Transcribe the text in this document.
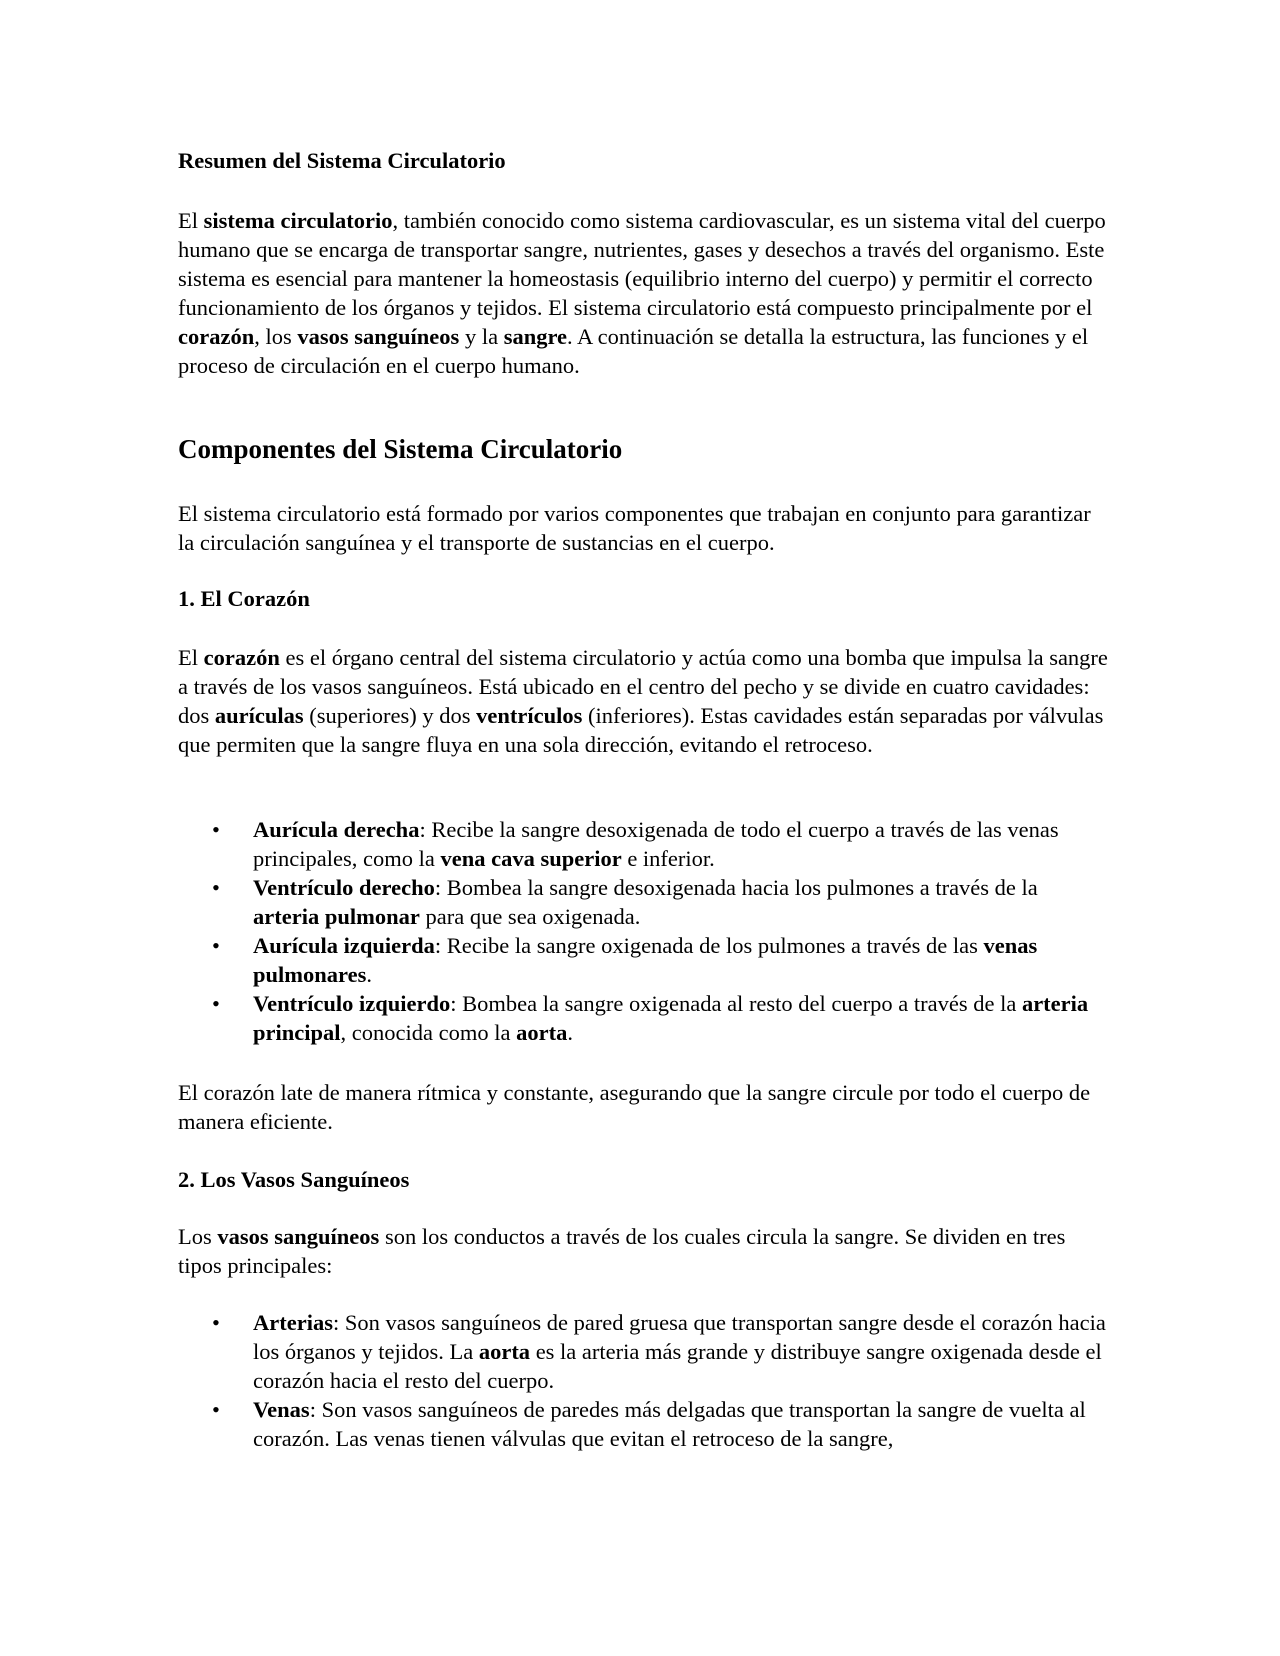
Resumen del Sistema Circulatorio

El sistema circulatorio, también conocido como sistema cardiovascular, es un sistema vital del cuerpo humano que se encarga de transportar sangre, nutrientes, gases y desechos a través del organismo. Este sistema es esencial para mantener la homeostasis (equilibrio interno del cuerpo) y permitir el correcto funcionamiento de los órganos y tejidos. El sistema circulatorio está compuesto principalmente por el corazón, los vasos sanguíneos y la sangre. A continuación se detalla la estructura, las funciones y el proceso de circulación en el cuerpo humano.

Componentes del Sistema Circulatorio

El sistema circulatorio está formado por varios componentes que trabajan en conjunto para garantizar la circulación sanguínea y el transporte de sustancias en el cuerpo.

1. El Corazón

El corazón es el órgano central del sistema circulatorio y actúa como una bomba que impulsa la sangre a través de los vasos sanguíneos. Está ubicado en el centro del pecho y se divide en cuatro cavidades: dos aurículas (superiores) y dos ventrículos (inferiores). Estas cavidades están separadas por válvulas que permiten que la sangre fluya en una sola dirección, evitando el retroceso.

• Aurícula derecha: Recibe la sangre desoxigenada de todo el cuerpo a través de las venas principales, como la vena cava superior e inferior.
• Ventrículo derecho: Bombea la sangre desoxigenada hacia los pulmones a través de la arteria pulmonar para que sea oxigenada.
• Aurícula izquierda: Recibe la sangre oxigenada de los pulmones a través de las venas pulmonares.
• Ventrículo izquierdo: Bombea la sangre oxigenada al resto del cuerpo a través de la arteria principal, conocida como la aorta.

El corazón late de manera rítmica y constante, asegurando que la sangre circule por todo el cuerpo de manera eficiente.

2. Los Vasos Sanguíneos

Los vasos sanguíneos son los conductos a través de los cuales circula la sangre. Se dividen en tres tipos principales:

• Arterias: Son vasos sanguíneos de pared gruesa que transportan sangre desde el corazón hacia los órganos y tejidos. La aorta es la arteria más grande y distribuye sangre oxigenada desde el corazón hacia el resto del cuerpo.
• Venas: Son vasos sanguíneos de paredes más delgadas que transportan la sangre de vuelta al corazón. Las venas tienen válvulas que evitan el retroceso de la sangre,
